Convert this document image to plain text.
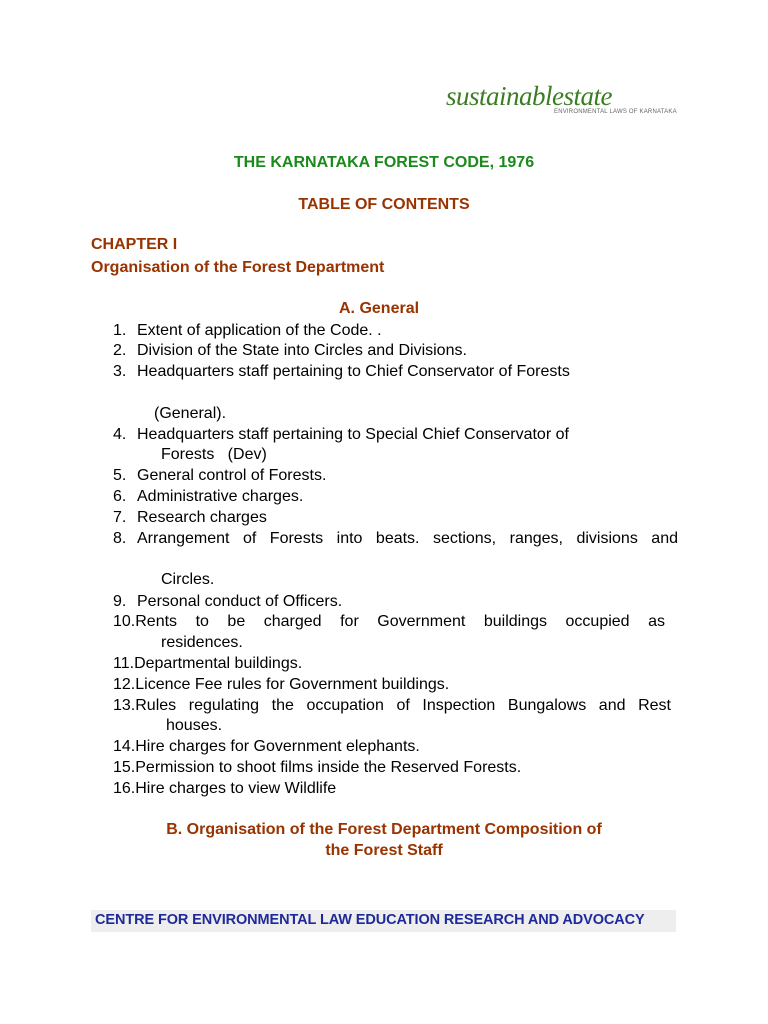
sustainablestate
ENVIRONMENTAL LAWS OF KARNATAKA
THE KARNATAKA FOREST CODE, 1976
TABLE OF CONTENTS
CHAPTER I
Organisation of the Forest Department
A. General
1. Extent of application of the Code. .
2. Division of the State into Circles and Divisions.
3. Headquarters staff pertaining to Chief Conservator of Forests
(General).
4. Headquarters staff pertaining to Special Chief Conservator of
Forests   (Dev)
5. General control of Forests.
6. Administrative charges.
7. Research charges
8. Arrangement of Forests into beats. sections, ranges, divisions and
Circles.
9. Personal conduct of Officers.
10. Rents to be charged for Government buildings occupied as
residences.
11.Departmental buildings.
12.Licence Fee rules for Government buildings.
13. Rules regulating the occupation of Inspection Bungalows and Rest
houses.
14.Hire charges for Government elephants.
15.Permission to shoot films inside the Reserved Forests.
16.Hire charges to view Wildlife
B. Organisation of the Forest Department Composition of
the Forest Staff
CENTRE FOR ENVIRONMENTAL LAW EDUCATION RESEARCH AND ADVOCACY
